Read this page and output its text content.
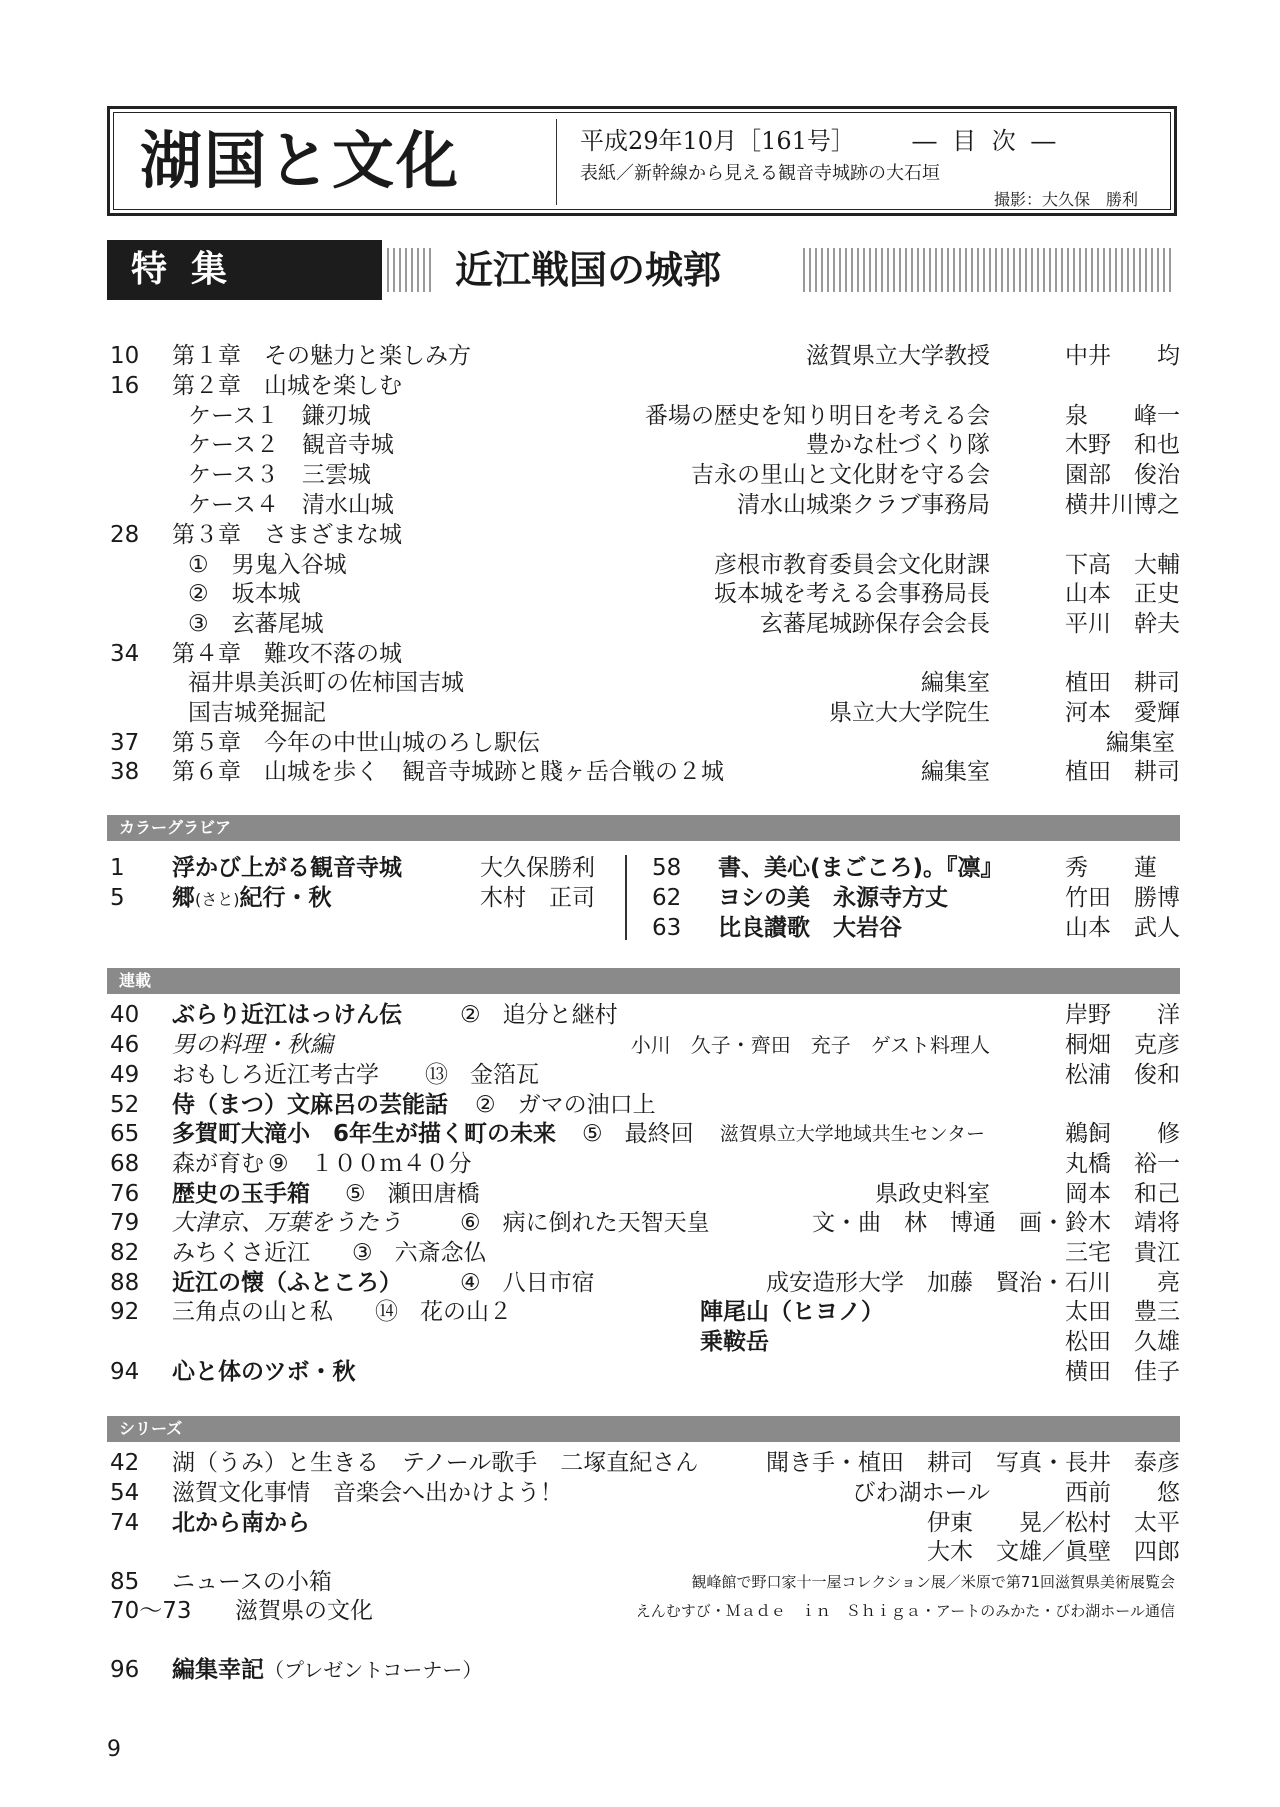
湖国と文化	平成29年10月［161号］ ― 目 次 ―
表紙／新幹線から見える観音寺城跡の大石垣
撮影：大久保　勝利
特集	近江戦国の城郭
10 第１章　その魅力と楽しみ方	滋賀県立大学教授	中井　　均
16 第２章　山城を楽しむ
ケース１　鎌刃城	番場の歴史を知り明日を考える会	泉　　峰一
ケース２　観音寺城	豊かな杜づくり隊	木野　和也
ケース３　三雲城	吉永の里山と文化財を守る会	園部　俊治
ケース４　清水山城	清水山城楽クラブ事務局	横井川博之
28 第３章　さまざまな城
①　男鬼入谷城	彦根市教育委員会文化財課	下高　大輔
②　坂本城	坂本城を考える会事務局長	山本　正史
③　玄蕃尾城	玄蕃尾城跡保存会会長	平川　幹夫
34 第４章　難攻不落の城
福井県美浜町の佐柿国吉城	編集室	植田　耕司
国吉城発掘記	県立大大学院生	河本　愛輝
37 第５章　今年の中世山城のろし駅伝	編集室
38 第６章　山城を歩く　観音寺城跡と賤ヶ岳合戦の２城	編集室	植田　耕司
カラーグラビア
1 浮かび上がる観音寺城	大久保勝利
5 郷(さと)紀行・秋	木村　正司
58 書、美心(まごころ)。『凛』	秀　　蓮
62 ヨシの美　永源寺方丈	竹田　勝博
63 比良讃歌　大岩谷	山本　武人
連載
40 ぶらり近江はっけん伝	② 追分と継村	岸野　　洋
46 男の料理・秋編	小川　久子・齊田　充子　ゲスト料理人	桐畑　克彦
49 おもしろ近江考古学 ⑬ 金箔瓦	松浦　俊和
52 侍（まつ）文麻呂の芸能話 ② ガマの油口上
65 多賀町大滝小　6年生が描く町の未来 ⑤ 最終回 滋賀県立大学地域共生センター	鵜飼　　修
68 森が育む ⑨ １００ｍ４０分	丸橋　裕一
76 歴史の玉手箱 ⑤ 瀬田唐橋	県政史料室	岡本　和己
79 大津京、万葉をうたう	⑥ 病に倒れた天智天皇	文・曲　林　博通　画・ 鈴木　靖将
82 みちくさ近江 ③ 六斎念仏	三宅　貴江
88 近江の懐（ふところ）	④ 八日市宿	成安造形大学　加藤　賢治・ 石川　　亮
92 三角点の山と私 ⑭ 花の山２	陣尾山（ヒヨノ）	太田　豊三
乗鞍岳	松田　久雄
94 心と体のツボ・秋	横田　佳子
シリーズ
42 湖（うみ）と生きる　テノール歌手　二塚直紀さん	聞き手・植田　耕司　写真・ 長井　泰彦
54 滋賀文化事情　音楽会へ出かけよう！	びわ湖ホール	西前　　悠
74 北から南から	伊東　　晃／ 松村　太平
大木　文雄／ 眞壁　四郎
85 ニュースの小箱	観峰館で野口家十一屋コレクション展／米原で第71回滋賀県美術展覧会
70〜73 滋賀県の文化	えんむすび・Ｍａｄｅ　ｉｎ　Ｓｈｉｇａ・アートのみかた・びわ湖ホール通信
96 編集幸記（プレゼントコーナー）
9
